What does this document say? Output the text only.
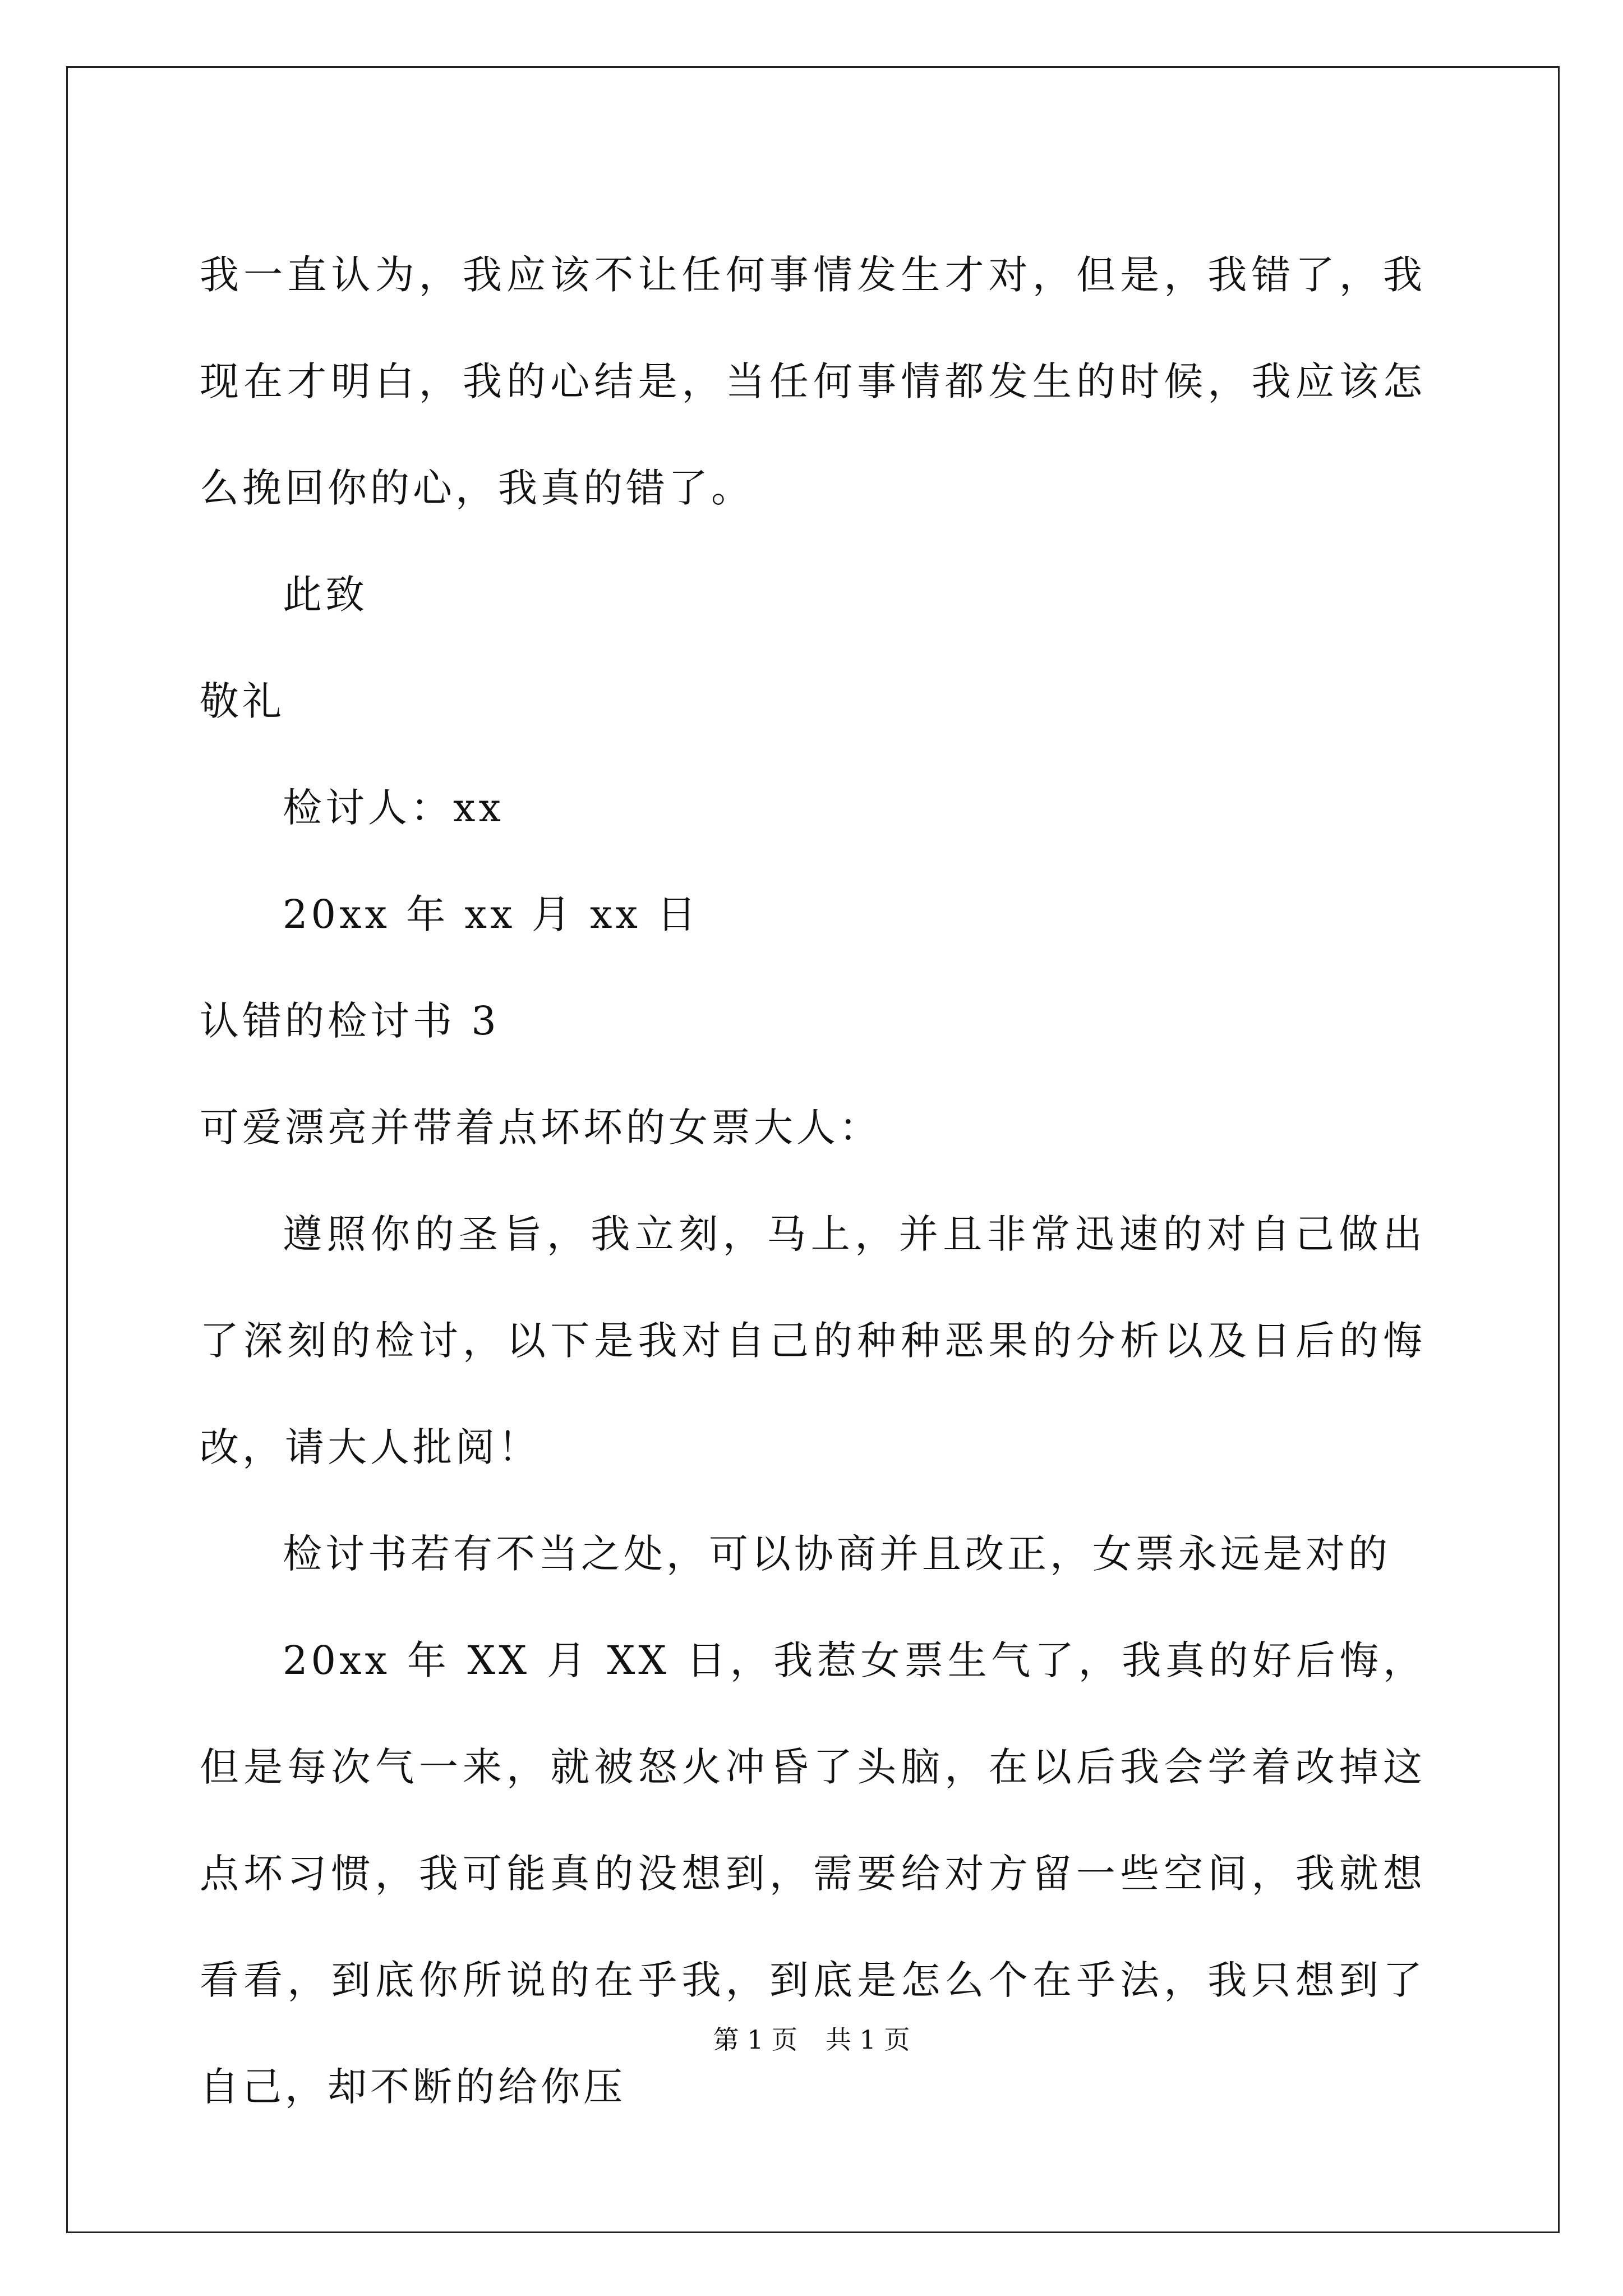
我一直认为，我应该不让任何事情发生才对，但是，我错了，我现在才明白，我的心结是，当任何事情都发生的时候，我应该怎么挽回你的心，我真的错了。

此致

敬礼

检讨人：xx

20xx 年 xx 月 xx 日

认错的检讨书 3

可爱漂亮并带着点坏坏的女票大人：

遵照你的圣旨，我立刻，马上，并且非常迅速的对自己做出了深刻的检讨，以下是我对自己的种种恶果的分析以及日后的悔改，请大人批阅！

检讨书若有不当之处，可以协商并且改正，女票永远是对的

20xx 年 XX 月 XX 日，我惹女票生气了，我真的好后悔，但是每次气一来，就被怒火冲昏了头脑，在以后我会学着改掉这点坏习惯，我可能真的没想到，需要给对方留一些空间，我就想看看，到底你所说的在乎我，到底是怎么个在乎法，我只想到了自己，却不断的给你压

第 1 页 共 1 页
